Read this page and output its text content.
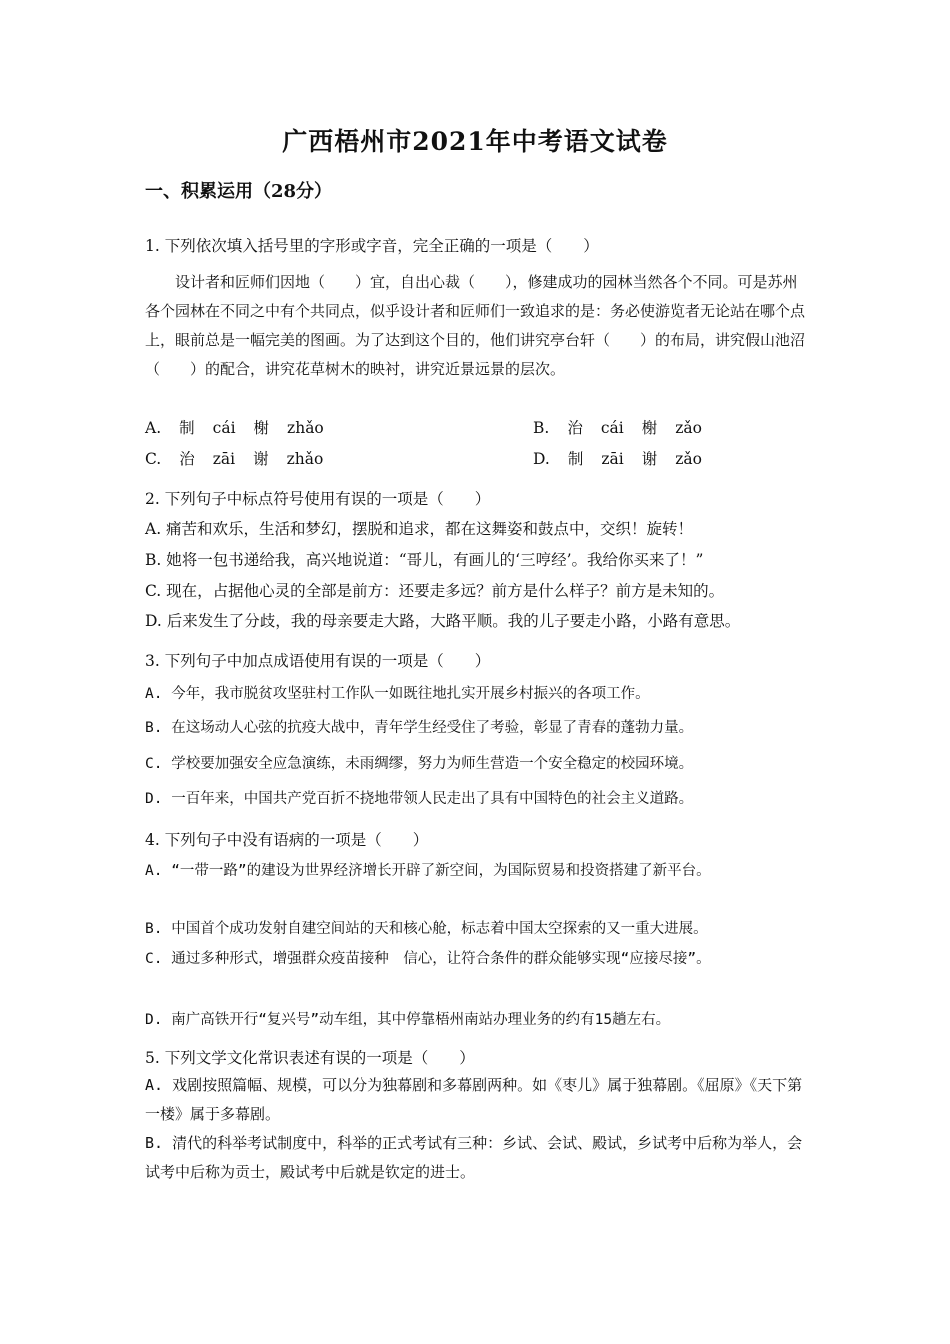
广西梧州市2021年中考语文试卷
一、积累运用（28分）
1. 下列依次填入括号里的字形或字音，完全正确的一项是（　　）
设计者和匠师们因地（　　）宜，自出心裁（　　），修建成功的园林当然各个不同。可是苏州各个园林在不同之中有个共同点，似乎设计者和匠师们一致追求的是：务必使游览者无论站在哪个点上，眼前总是一幅完美的图画。为了达到这个目的，他们讲究亭台轩（　　）的布局，讲究假山池沼（　　）的配合，讲究花草树木的映衬，讲究近景远景的层次。
A. 制 cái 榭 zhǎo	B. 治 cái 榭 zǎo
C. 治 zāi 谢 zhǎo	D. 制 zāi 谢 zǎo
2. 下列句子中标点符号使用有误的一项是（　　）
A. 痛苦和欢乐，生活和梦幻，摆脱和追求，都在这舞姿和鼓点中，交织！旋转！
B. 她将一包书递给我，高兴地说道：“哥儿，有画儿的‘三哼经’。我给你买来了！”
C. 现在，占据他心灵的全部是前方：还要走多远？前方是什么样子？前方是未知的。
D. 后来发生了分歧，我的母亲要走大路，大路平顺。我的儿子要走小路，小路有意思。
3. 下列句子中加点成语使用有误的一项是（　　）
A. 今年，我市脱贫攻坚驻村工作队一如既往地扎实开展乡村振兴的各项工作。
B. 在这场动人心弦的抗疫大战中，青年学生经受住了考验，彰显了青春的蓬勃力量。
C. 学校要加强安全应急演练，未雨绸缪，努力为师生营造一个安全稳定的校园环境。
D. 一百年来，中国共产党百折不挠地带领人民走出了具有中国特色的社会主义道路。
4. 下列句子中没有语病的一项是（　　）
A. “一带一路”的建设为世界经济增长开辟了新空间，为国际贸易和投资搭建了新平台。
B. 中国首个成功发射自建空间站的天和核心舱，标志着中国太空探索的又一重大进展。
C. 通过多种形式，增强群众疫苗接种　信心，让符合条件的群众能够实现“应接尽接”。
D. 南广高铁开行“复兴号”动车组，其中停靠梧州南站办理业务的约有15趟左右。
5. 下列文学文化常识表述有误的一项是（　　）
A. 戏剧按照篇幅、规模，可以分为独幕剧和多幕剧两种。如《枣儿》属于独幕剧。《屈原》《天下第一楼》属于多幕剧。
B. 清代的科举考试制度中，科举的正式考试有三种：乡试、会试、殿试，乡试考中后称为举人，会试考中后称为贡士，殿试考中后就是钦定的进士。
